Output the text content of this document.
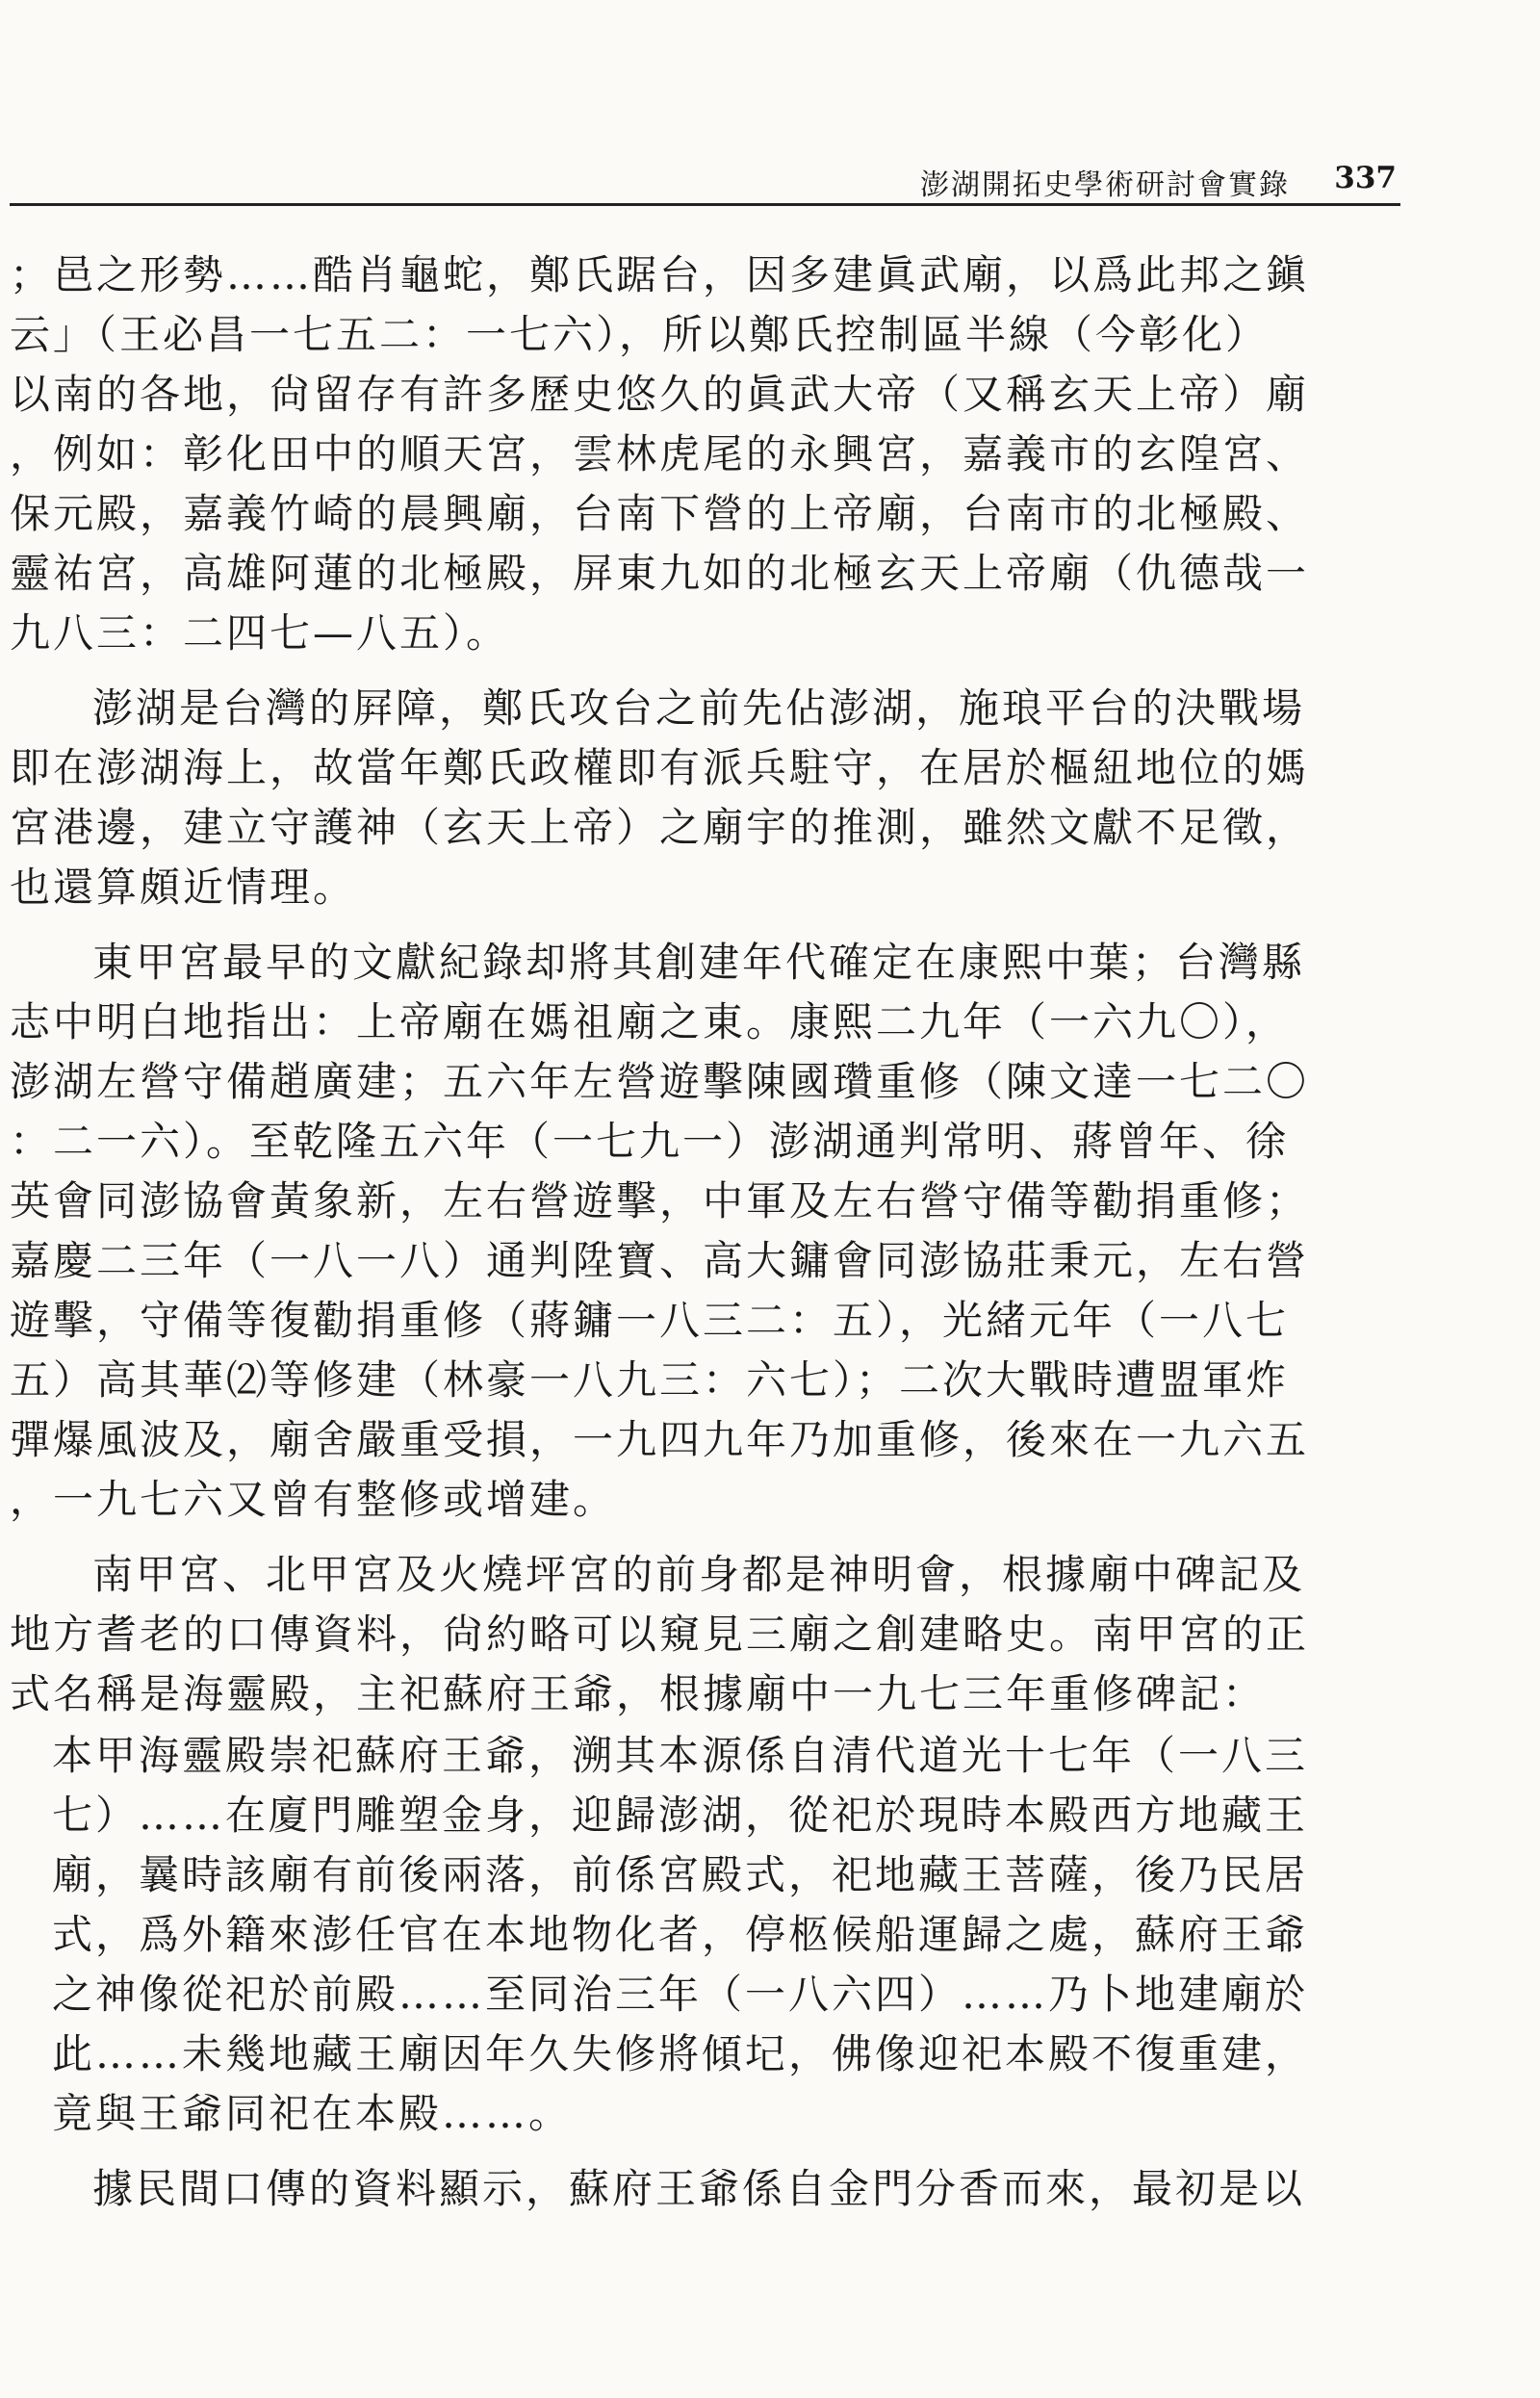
澎湖開拓史學術研討會實錄 337
；邑之形勢……酷肖龜蛇，鄭氏踞台，因多建眞武廟，以爲此邦之鎭
云」（王必昌一七五二：一七六），所以鄭氏控制區半線（今彰化）
以南的各地，尙留存有許多歷史悠久的眞武大帝（又稱玄天上帝）廟
，例如：彰化田中的順天宮，雲林虎尾的永興宮，嘉義市的玄隍宮、
保元殿，嘉義竹崎的晨興廟，台南下營的上帝廟，台南市的北極殿、
靈祐宮，高雄阿蓮的北極殿，屏東九如的北極玄天上帝廟（仇德哉一
九八三：二四七—八五）。
澎湖是台灣的屛障，鄭氏攻台之前先佔澎湖，施琅平台的決戰場
即在澎湖海上，故當年鄭氏政權即有派兵駐守，在居於樞紐地位的媽
宮港邊，建立守護神（玄天上帝）之廟宇的推測，雖然文獻不足徵，
也還算頗近情理。
東甲宮最早的文獻紀錄却將其創建年代確定在康熙中葉；台灣縣
志中明白地指出：上帝廟在媽祖廟之東。康熙二九年（一六九〇），
澎湖左營守備趙廣建；五六年左營遊擊陳國瓚重修（陳文達一七二〇
：二一六）。至乾隆五六年（一七九一）澎湖通判常明、蔣曾年、徐
英會同澎協會黃象新，左右營遊擊，中軍及左右營守備等勸捐重修；
嘉慶二三年（一八一八）通判陞寶、高大鏞會同澎協莊秉元，左右營
遊擊，守備等復勸捐重修（蔣鏞一八三二：五），光緒元年（一八七
五）高其華⑵等修建（林豪一八九三：六七）；二次大戰時遭盟軍炸
彈爆風波及，廟舍嚴重受損，一九四九年乃加重修，後來在一九六五
，一九七六又曾有整修或增建。
南甲宮、北甲宮及火燒坪宮的前身都是神明會，根據廟中碑記及
地方耆老的口傳資料，尙約略可以窺見三廟之創建略史。南甲宮的正
式名稱是海靈殿，主祀蘇府王爺，根據廟中一九七三年重修碑記：
本甲海靈殿崇祀蘇府王爺，溯其本源係自清代道光十七年（一八三
七）……在廈門雕塑金身，迎歸澎湖，從祀於現時本殿西方地藏王
廟，曩時該廟有前後兩落，前係宮殿式，祀地藏王菩薩，後乃民居
式，爲外籍來澎任官在本地物化者，停柩候船運歸之處，蘇府王爺
之神像從祀於前殿……至同治三年（一八六四）……乃卜地建廟於
此……未幾地藏王廟因年久失修將傾圮，佛像迎祀本殿不復重建，
竟與王爺同祀在本殿……。
據民間口傳的資料顯示，蘇府王爺係自金門分香而來，最初是以
